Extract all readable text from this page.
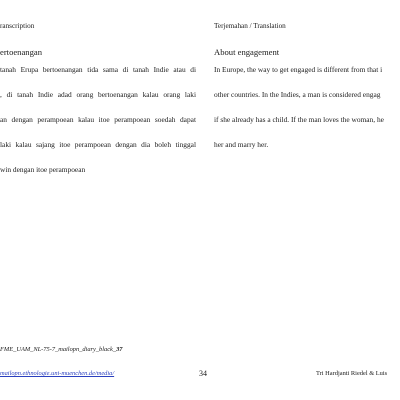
ranscription	Terjemahan / Translation
ertoenangan	About engagement
tanah Erupa bertoenangan tida sama di tanah Indie atau di
, di tanah Indie adad orang bertoenangan kalau orang laki
an dengan perampoean kalau itoe perampoean soedah dapat
laki kalau sajang itoe perampoean dengan dia boleh tinggal
win dengan itoe perampoean
In Europe, the way to get engaged is different from that i
other countries. In the Indies, a man is considered engag
if she already has a child. If the man loves the woman, he
her and marry her.
FME_UAM_NL-75-7_mailopn_diary_black_37
mailopn.ethnologie.uni-muenchen.de/media/	34	Tri Hardjanti Riedel & Luis
